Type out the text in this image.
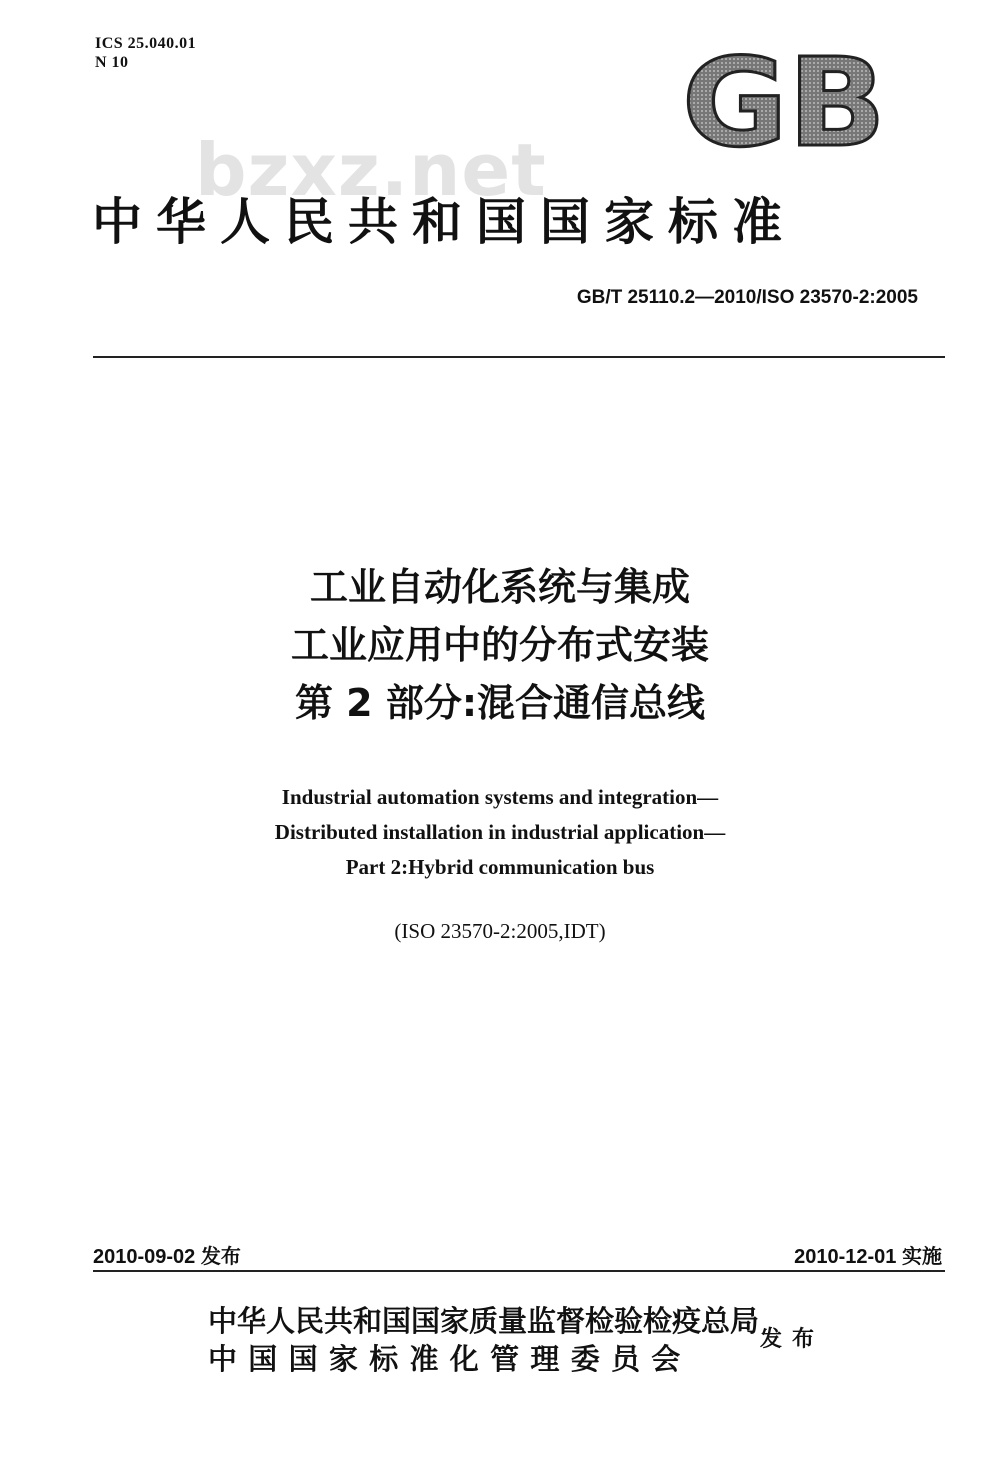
ICS 25.040.01
N 10	GB
bzxz.net
中华人民共和国国家标准
GB/T 25110.2—2010/ISO 23570-2:2005
工业自动化系统与集成
工业应用中的分布式安装
第 2 部分:混合通信总线
Industrial automation systems and integration—
Distributed installation in industrial application—
Part 2:Hybrid communication bus
(ISO 23570-2:2005,IDT)
2010-09-02 发布	2010-12-01 实施
中华人民共和国国家质量监督检验检疫总局
中国国家标准化管理委员会
发布
